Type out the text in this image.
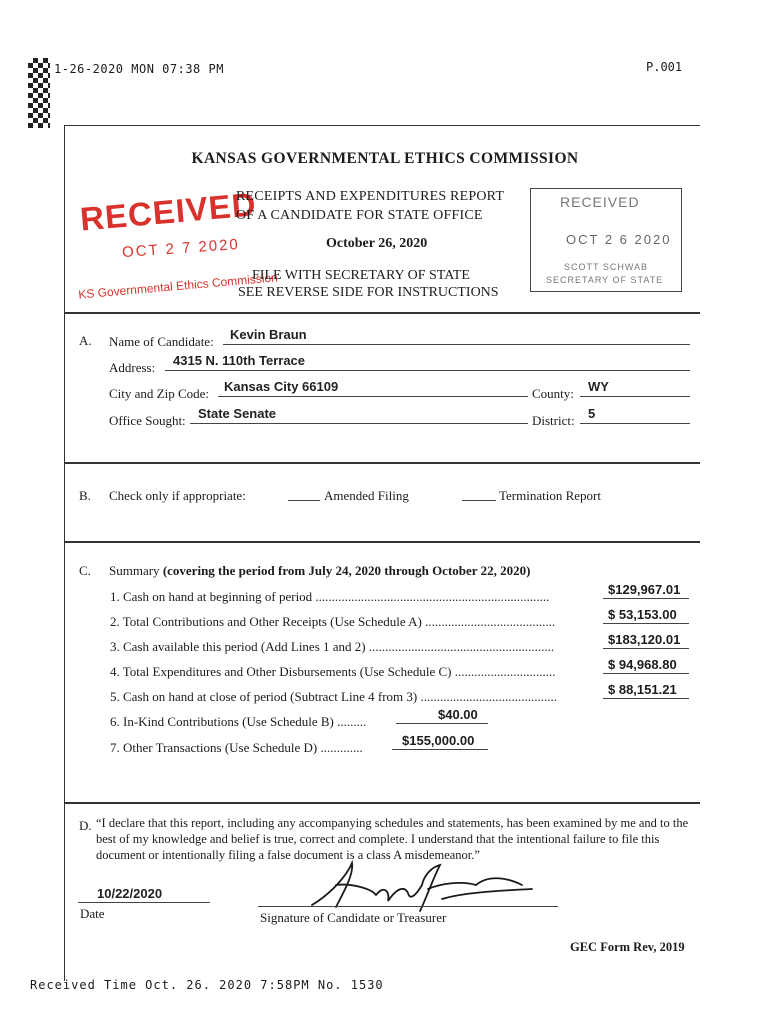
1-26-2020 MON 07:38 PM	P.001
KANSAS GOVERNMENTAL ETHICS COMMISSION
RECEIVED
OCT 2 7 2020
KS Governmental Ethics Commission
RECEIPTS AND EXPENDITURES REPORT
OF A CANDIDATE FOR STATE OFFICE
October 26, 2020
FILE WITH SECRETARY OF STATE
SEE REVERSE SIDE FOR INSTRUCTIONS
RECEIVED
OCT 2 6 2020
SCOTT SCHWAB
SECRETARY OF STATE
A. Name of Candidate: Kevin Braun
Address: 4315 N. 110th Terrace
City and Zip Code: Kansas City 66109	County: WY
Office Sought: State Senate	District: 5
B. Check only if appropriate:	Amended Filing	Termination Report
C. Summary (covering the period from July 24, 2020 through October 22, 2020)
1. Cash on hand at beginning of period ........................................................................	$129,967.01
2. Total Contributions and Other Receipts (Use Schedule A) ........................................	$ 53,153.00
3. Cash available this period (Add Lines 1 and 2) .........................................................	$183,120.01
4. Total Expenditures and Other Disbursements (Use Schedule C) ...............................	$ 94,968.80
5. Cash on hand at close of period (Subtract Line 4 from 3) ..........................................	$ 88,151.21
6. In-Kind Contributions (Use Schedule B) .........	$40.00
7. Other Transactions (Use Schedule D) .............	$155,000.00
D. “I declare that this report, including any accompanying schedules and statements, has been examined by me and to the best of my knowledge and belief is true, correct and complete. I understand that the intentional failure to file this document or intentionally filing a false document is a class A misdemeanor.”
10/22/2020
Date	Signature of Candidate or Treasurer
GEC Form Rev, 2019
Received Time Oct. 26. 2020 7:58PM No. 1530
